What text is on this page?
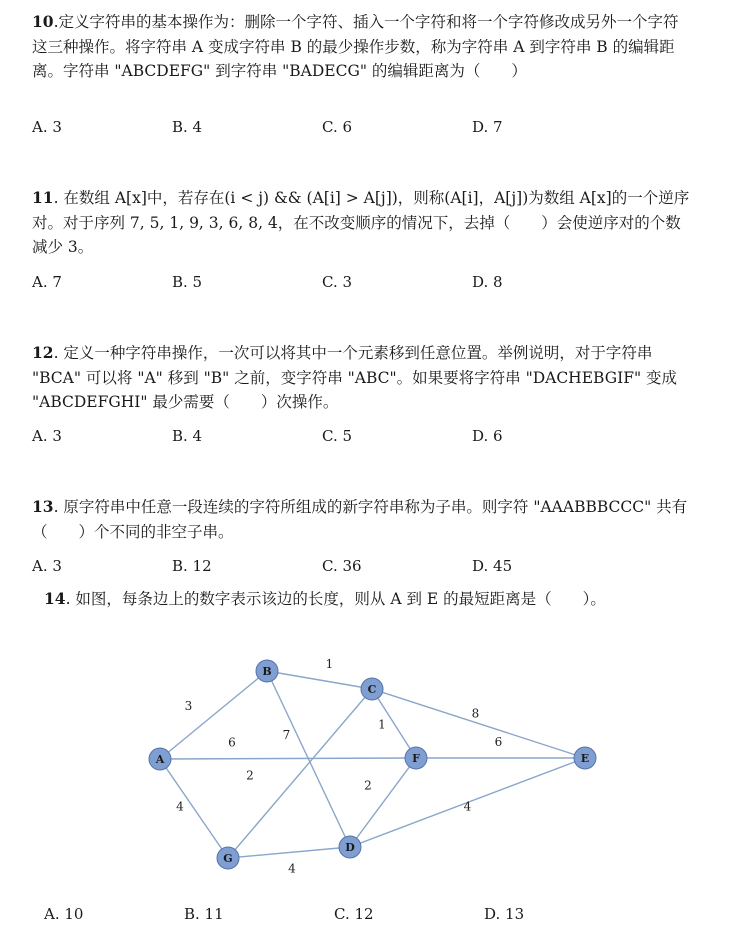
10.定义字符串的基本操作为：删除一个字符、插入一个字符和将一个字符修改成另外一个字符这三种操作。将字符串 A 变成字符串 B 的最少操作步数，称为字符串 A 到字符串 B 的编辑距离。字符串 "ABCDEFG" 到字符串 "BADECG" 的编辑距离为（　　）
A. 3	B. 4	C. 6	D. 7
11. 在数组 A[x]中，若存在(i < j) && (A[i] > A[j])，则称(A[i]，A[j])为数组 A[x]的一个逆序对。对于序列 7, 5, 1, 9, 3, 6, 8, 4，在不改变顺序的情况下，去掉（　　）会使逆序对的个数减少 3。
A. 7	B. 5	C. 3	D. 8
12. 定义一种字符串操作，一次可以将其中一个元素移到任意位置。举例说明，对于字符串 "BCA" 可以将 "A" 移到 "B" 之前，变字符串 "ABC"。如果要将字符串 "DACHEBGIF" 变成 "ABCDEFGHI" 最少需要（　　）次操作。
A. 3	B. 4	C. 5	D. 6
13. 原字符串中任意一段连续的字符所组成的新字符串称为子串。则字符 "AAABBBCCC" 共有（　　）个不同的非空子串。
A. 3	B. 12	C. 36	D. 45
14. 如图，每条边上的数字表示该边的长度，则从 A 到 E 的最短距离是（　　）。
3
1
7
1
8
6	6
4
2
2
4
4
A
B
C
D
E
F
G
A. 10	B. 11	C. 12	D. 13
